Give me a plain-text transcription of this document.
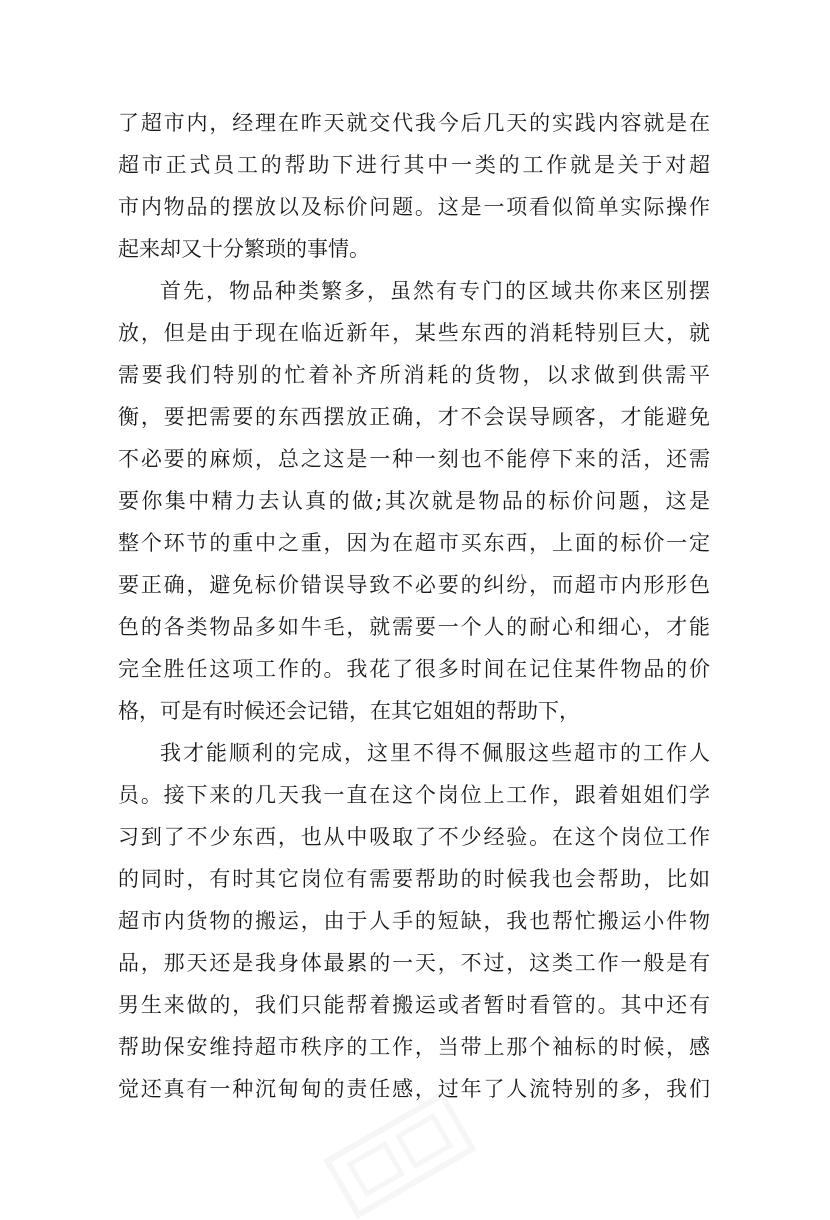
了超市内，经理在昨天就交代我今后几天的实践内容就是在
超市正式员工的帮助下进行其中一类的工作就是关于对超
市内物品的摆放以及标价问题。这是一项看似简单实际操作
起来却又十分繁琐的事情。
首先，物品种类繁多，虽然有专门的区域共你来区别摆
放，但是由于现在临近新年，某些东西的消耗特别巨大，就
需要我们特别的忙着补齐所消耗的货物，以求做到供需平
衡，要把需要的东西摆放正确，才不会误导顾客，才能避免
不必要的麻烦，总之这是一种一刻也不能停下来的活，还需
要你集中精力去认真的做;其次就是物品的标价问题，这是
整个环节的重中之重，因为在超市买东西，上面的标价一定
要正确，避免标价错误导致不必要的纠纷，而超市内形形色
色的各类物品多如牛毛，就需要一个人的耐心和细心，才能
完全胜任这项工作的。我花了很多时间在记住某件物品的价
格，可是有时候还会记错，在其它姐姐的帮助下，
我才能顺利的完成，这里不得不佩服这些超市的工作人
员。接下来的几天我一直在这个岗位上工作，跟着姐姐们学
习到了不少东西，也从中吸取了不少经验。在这个岗位工作
的同时，有时其它岗位有需要帮助的时候我也会帮助，比如
超市内货物的搬运，由于人手的短缺，我也帮忙搬运小件物
品，那天还是我身体最累的一天，不过，这类工作一般是有
男生来做的，我们只能帮着搬运或者暂时看管的。其中还有
帮助保安维持超市秩序的工作，当带上那个袖标的时候，感
觉还真有一种沉甸甸的责任感，过年了人流特别的多，我们
